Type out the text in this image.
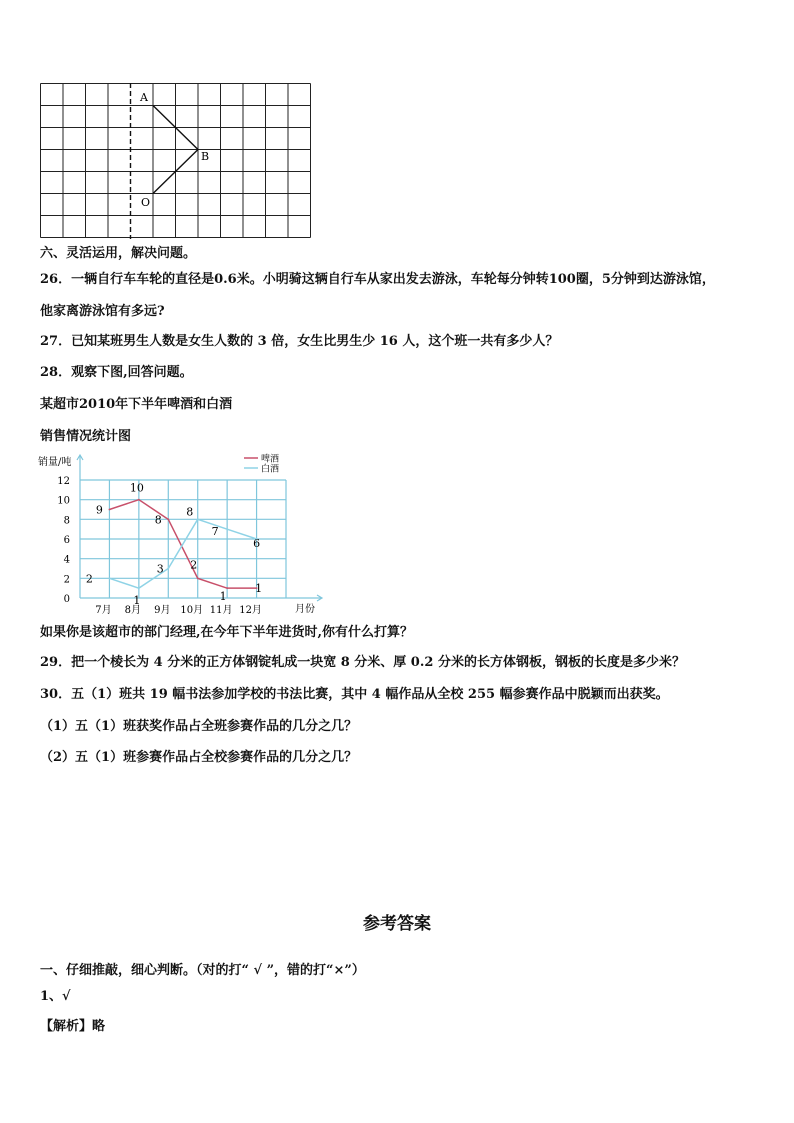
A
B
O
六、灵活运用，解决问题。
26．一辆自行车车轮的直径是0.6米。小明骑这辆自行车从家出发去游泳，车轮每分钟转100圈，5分钟到达游泳馆，
他家离游泳馆有多远?
27．已知某班男生人数是女生人数的 3 倍，女生比男生少 16 人，这个班一共有多少人？
28．观察下图,回答问题。
某超市2010年下半年啤酒和白酒
销售情况统计图
0
2
4
6
8
10
12
7月 8月 9月 10月 11月 12月
9
10
8
2
1
1
2
1
3
8
7
6
啤酒
白酒
销量/吨
月份
如果你是该超市的部门经理,在今年下半年进货时,你有什么打算？
29．把一个棱长为 4 分米的正方体钢锭轧成一块宽 8 分米、厚 0.2 分米的长方体钢板，钢板的长度是多少米？
30．五（1）班共 19 幅书法参加学校的书法比赛，其中 4 幅作品从全校 255 幅参赛作品中脱颖而出获奖。
（1）五（1）班获奖作品占全班参赛作品的几分之几？
（2）五（1）班参赛作品占全校参赛作品的几分之几？
参考答案
一、仔细推敲，细心判断。（对的打“ √ ”，错的打“×”）
1、√
【解析】略
